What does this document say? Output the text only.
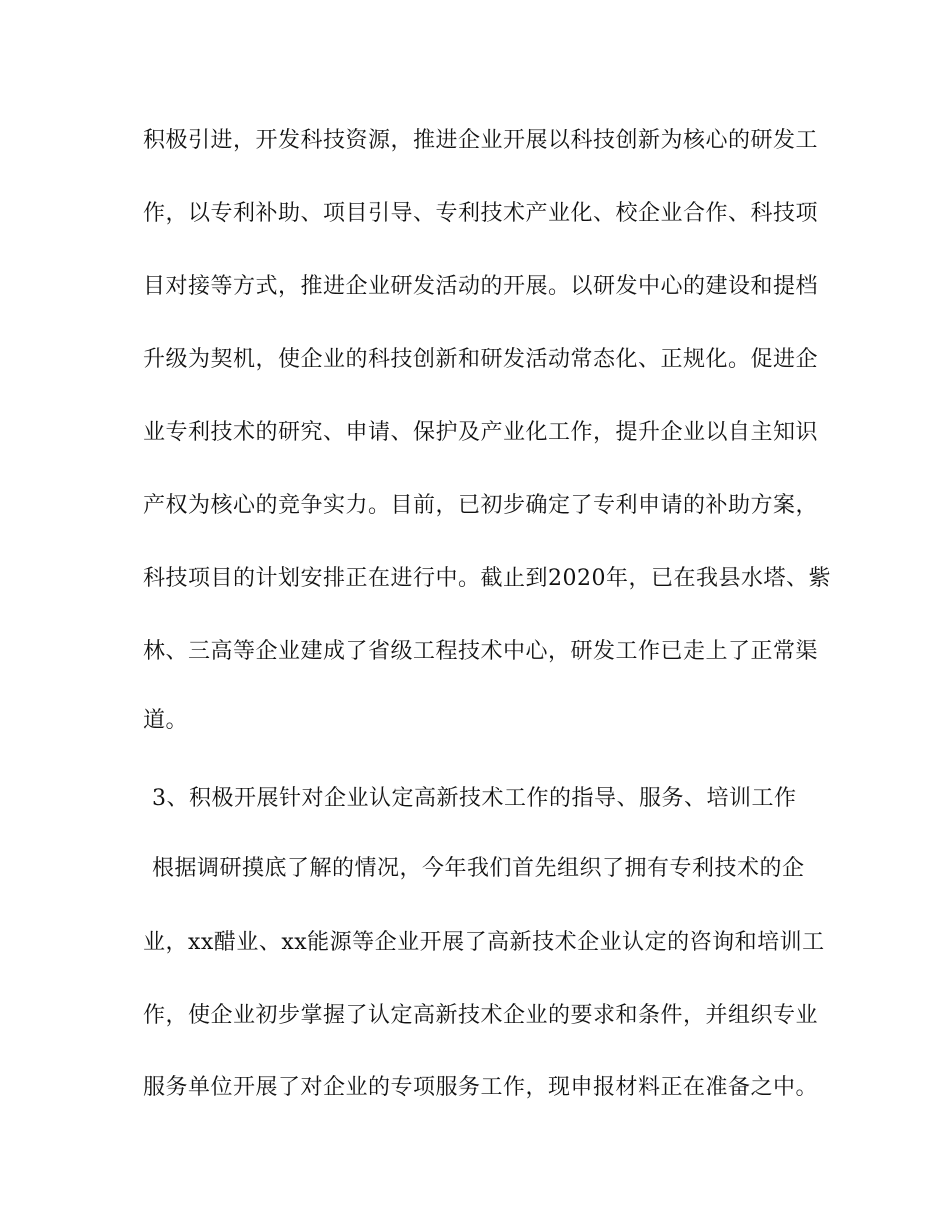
积极引进，开发科技资源，推进企业开展以科技创新为核心的研发工
作，以专利补助、项目引导、专利技术产业化、校企业合作、科技项
目对接等方式，推进企业研发活动的开展。以研发中心的建设和提档
升级为契机，使企业的科技创新和研发活动常态化、正规化。促进企
业专利技术的研究、申请、保护及产业化工作，提升企业以自主知识
产权为核心的竞争实力。目前，已初步确定了专利申请的补助方案，
科技项目的计划安排正在进行中。截止到2020年，已在我县水塔、紫
林、三高等企业建成了省级工程技术中心，研发工作已走上了正常渠
道。
3、积极开展针对企业认定高新技术工作的指导、服务、培训工作
根据调研摸底了解的情况，今年我们首先组织了拥有专利技术的企
业，xx醋业、xx能源等企业开展了高新技术企业认定的咨询和培训工
作，使企业初步掌握了认定高新技术企业的要求和条件，并组织专业
服务单位开展了对企业的专项服务工作，现申报材料正在准备之中。
